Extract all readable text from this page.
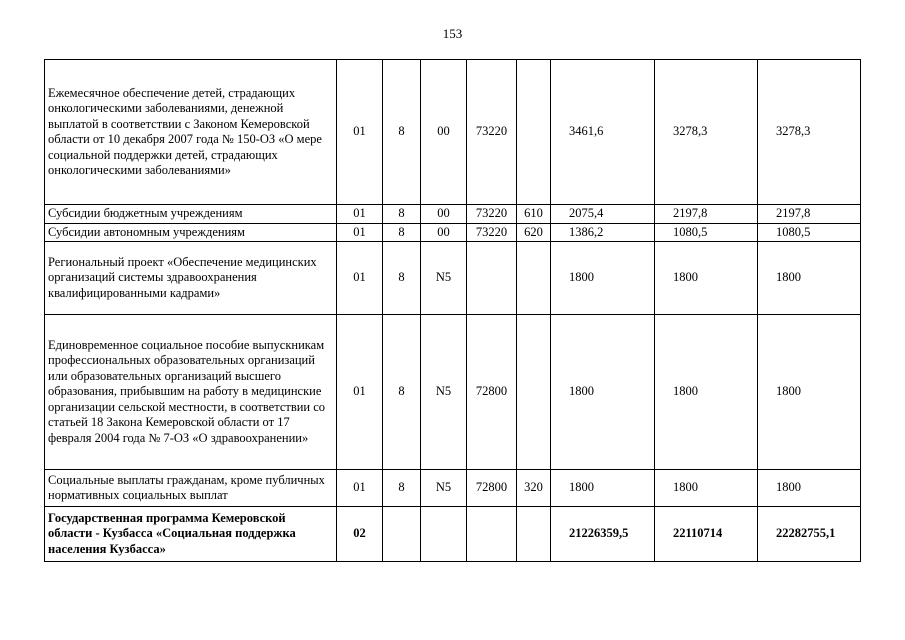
153
Ежемесячное обеспечение детей, страдающих онкологическими заболеваниями, денежной выплатой в соответствии с Законом Кемеровской области от 10 декабря 2007 года № 150-ОЗ «О мере социальной поддержки детей, страдающих онкологическими заболеваниями»	01	8	00	73220		3461,6	3278,3	3278,3
Субсидии бюджетным учреждениям	01	8	00	73220	610	2075,4	2197,8	2197,8
Субсидии автономным учреждениям	01	8	00	73220	620	1386,2	1080,5	1080,5
Региональный проект «Обеспечение медицинских организаций системы здравоохранения квалифицированными кадрами»	01	8	N5			1800	1800	1800
Единовременное социальное пособие выпускникам профессиональных образовательных организаций или образовательных организаций высшего образования, прибывшим на работу в медицинские организации сельской местности, в соответствии со статьей 18 Закона Кемеровской области от 17 февраля 2004 года № 7-ОЗ «О здравоохранении»	01	8	N5	72800		1800	1800	1800
Социальные выплаты гражданам, кроме публичных нормативных социальных выплат	01	8	N5	72800	320	1800	1800	1800
Государственная программа Кемеровской области - Кузбасса «Социальная поддержка населения Кузбасса»	02					21226359,5	22110714	22282755,1
